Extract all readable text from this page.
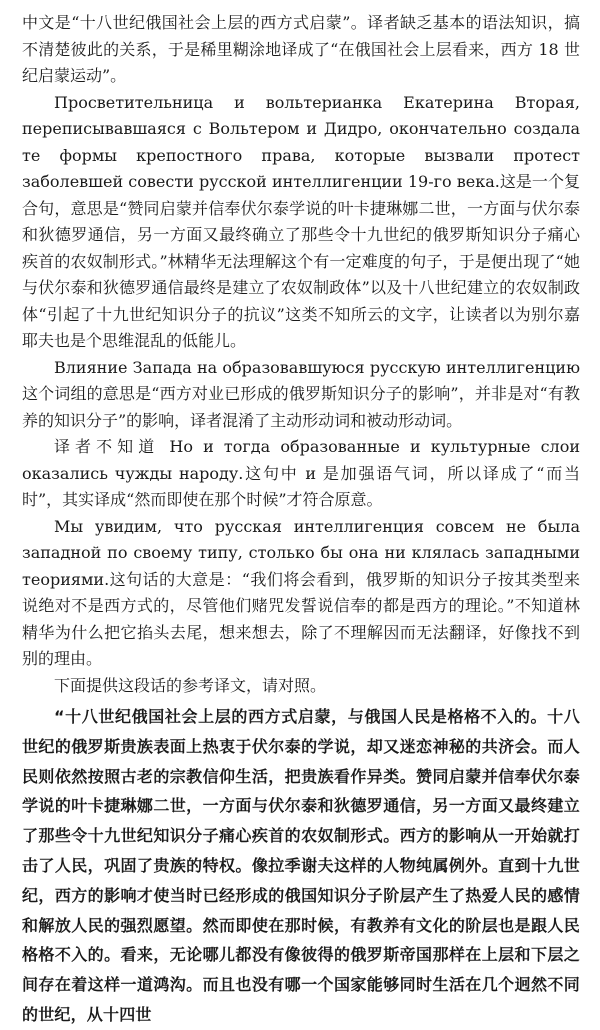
中文是“十八世纪俄国社会上层的西方式启蒙”。译者缺乏基本的语法知识，搞不清楚彼此的关系，于是稀里糊涂地译成了“在俄国社会上层看来，西方 18 世纪启蒙运动”。

Просветительница и вольтерианка Екатерина Вторая, переписывавшаяся с Вольтером и Дидро, окончательно создала те формы крепостного права, которые вызвали протест заболевшей совести русской интеллигенции 19-го века.这是一个复合句，意思是“赞同启蒙并信奉伏尔泰学说的叶卡捷琳娜二世，一方面与伏尔泰和狄德罗通信，另一方面又最终确立了那些令十九世纪的俄罗斯知识分子痛心疾首的农奴制形式。”林精华无法理解这个有一定难度的句子，于是便出现了“她与伏尔泰和狄德罗通信最终是建立了农奴制政体”以及十八世纪建立的农奴制政体“引起了十九世纪知识分子的抗议”这类不知所云的文字，让读者以为别尔嘉耶夫也是个思维混乱的低能儿。

Влияние Запада на образовавшуюся русскую интеллигенцию这个词组的意思是“西方对业已形成的俄罗斯知识分子的影响”，并非是对“有教养的知识分子”的影响，译者混淆了主动形动词和被动形动词。

译者不知道 Но и тогда образованные и культурные слои оказались чужды народу.这句中 и 是加强语气词，所以译成了“而当时”，其实译成“然而即使在那个时候”才符合原意。

Мы увидим, что русская интеллигенция совсем не была западной по своему типу, столько бы она ни клялась западными теориями.这句话的大意是：“我们将会看到，俄罗斯的知识分子按其类型来说绝对不是西方式的，尽管他们赌咒发誓说信奉的都是西方的理论。”不知道林精华为什么把它掐头去尾，想来想去，除了不理解因而无法翻译，好像找不到别的理由。

下面提供这段话的参考译文，请对照。

“十八世纪俄国社会上层的西方式启蒙，与俄国人民是格格不入的。十八世纪的俄罗斯贵族表面上热衷于伏尔泰的学说，却又迷恋神秘的共济会。而人民则依然按照古老的宗教信仰生活，把贵族看作异类。赞同启蒙并信奉伏尔泰学说的叶卡捷琳娜二世，一方面与伏尔泰和狄德罗通信，另一方面又最终建立了那些令十九世纪知识分子痛心疾首的农奴制形式。西方的影响从一开始就打击了人民，巩固了贵族的特权。像拉季谢夫这样的人物纯属例外。直到十九世纪，西方的影响才使当时已经形成的俄国知识分子阶层产生了热爱人民的感情和解放人民的强烈愿望。然而即使在那时候，有教养有文化的阶层也是跟人民格格不入的。看来，无论哪儿都没有像彼得的俄罗斯帝国那样在上层和下层之间存在着这样一道鸿沟。而且也没有哪一个国家能够同时生活在几个迥然不同的世纪，从十四世
